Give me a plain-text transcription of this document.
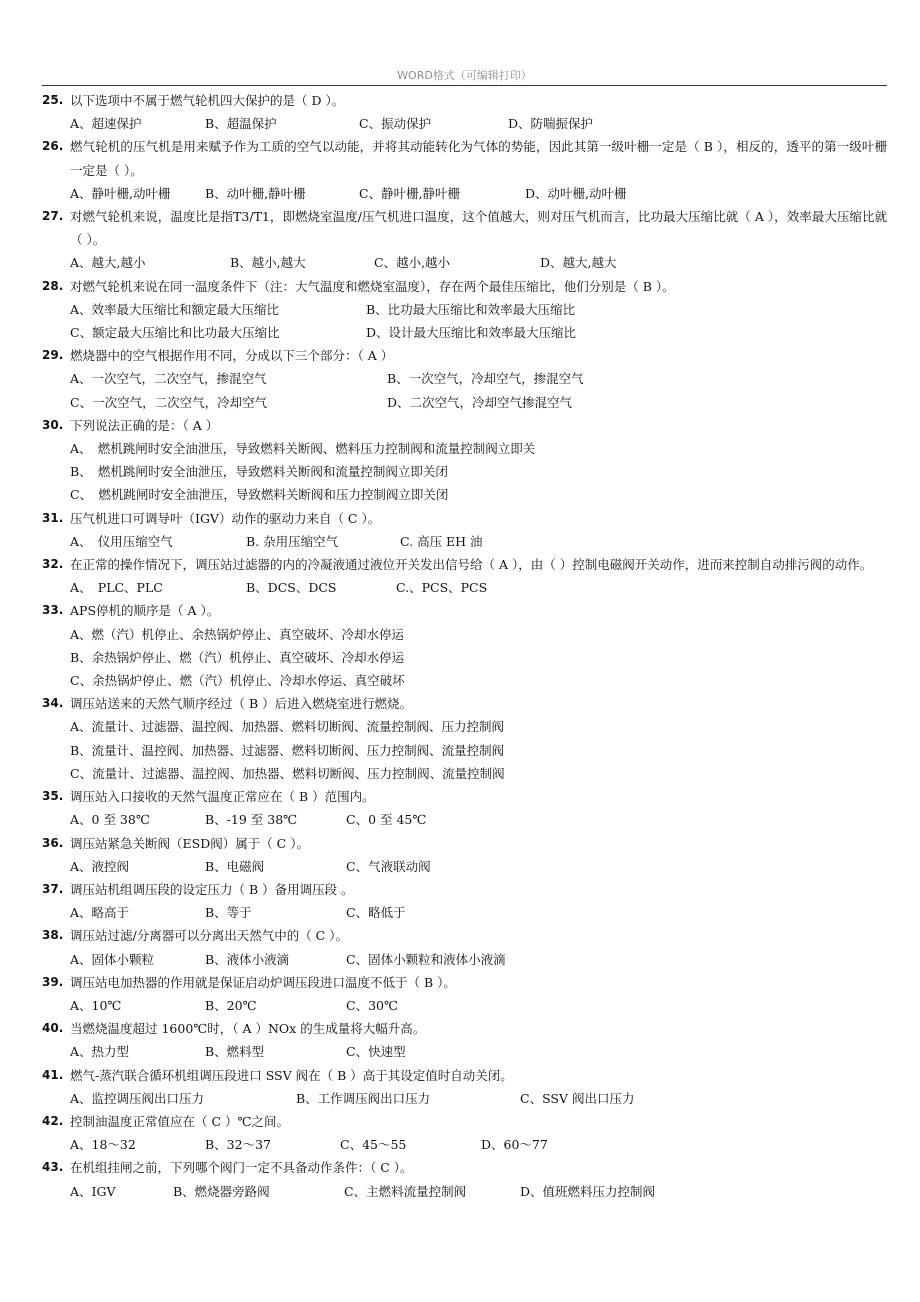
WORD格式（可编辑打印）
25. 以下选项中不属于燃气轮机四大保护的是（ D ）。
A、超速保护	B、超温保护	C、振动保护	D、防喘振保护
26. 燃气轮机的压气机是用来赋予作为工质的空气以动能，并将其动能转化为气体的势能，因此其第一级叶栅一定是（ B ），相反的，透平的第一级叶栅一定是（ ）。
A、静叶栅,动叶栅	B、动叶栅,静叶栅	C、静叶栅,静叶栅	D、动叶栅,动叶栅
27. 对燃气轮机来说，温度比是指T3/T1，即燃烧室温度/压气机进口温度，这个值越大，则对压气机而言，比功最大压缩比就（ A ），效率最大压缩比就（ ）。
A、越大,越小	B、越小,越大	C、越小,越小	D、越大,越大
28. 对燃气轮机来说在同一温度条件下（注：大气温度和燃烧室温度），存在两个最佳压缩比，他们分别是（ B ）。
A、效率最大压缩比和额定最大压缩比	B、比功最大压缩比和效率最大压缩比
C、额定最大压缩比和比功最大压缩比	D、设计最大压缩比和效率最大压缩比
29. 燃烧器中的空气根据作用不同，分成以下三个部分：（ A ）
A、一次空气，二次空气，掺混空气	B、一次空气，冷却空气，掺混空气
C、一次空气，二次空气，冷却空气	D、二次空气，冷却空气掺混空气
30. 下列说法正确的是：（ A ）
A、　燃机跳闸时安全油泄压，导致燃料关断阀、燃料压力控制阀和流量控制阀立即关
B、　燃机跳闸时安全油泄压，导致燃料关断阀和流量控制阀立即关闭
C、　燃机跳闸时安全油泄压，导致燃料关断阀和压力控制阀立即关闭
31. 压气机进口可调导叶（IGV）动作的驱动力来自（ C ）。
A、　仪用压缩空气	B. 杂用压缩空气	C. 高压 EH 油
32. 在正常的操作情况下，调压站过滤器的内的冷凝液通过液位开关发出信号给（ A ），由（ ）控制电磁阀开关动作，进而来控制自动排污阀的动作。
A、　PLC、PLC	B、DCS、DCS	C.、PCS、PCS
33. APS停机的顺序是（ A ）。
A、燃（汽）机停止、余热锅炉停止、真空破坏、冷却水停运
B、余热锅炉停止、燃（汽）机停止、真空破坏、冷却水停运
C、余热锅炉停止、燃（汽）机停止、冷却水停运、真空破坏
34. 调压站送来的天然气顺序经过（ B ）后进入燃烧室进行燃烧。
A、流量计、过滤器、温控阀、加热器、燃料切断阀、流量控制阀、压力控制阀
B、流量计、温控阀、加热器、过滤器、燃料切断阀、压力控制阀、流量控制阀
C、流量计、过滤器、温控阀、加热器、燃料切断阀、压力控制阀、流量控制阀
35. 调压站入口接收的天然气温度正常应在（ B ）范围内。
A、0 至 38℃	B、-19 至 38℃	C、0 至 45℃
36. 调压站紧急关断阀（ESD阀）属于（ C ）。
A、液控阀	B、电磁阀	C、气液联动阀
37. 调压站机组调压段的设定压力（ B ）备用调压段 。
A、略高于	B、等于	C、略低于
38. 调压站过滤/分离器可以分离出天然气中的（ C ）。
A、固体小颗粒	B、液体小液滴	C、固体小颗粒和液体小液滴
39. 调压站电加热器的作用就是保证启动炉调压段进口温度不低于（ B ）。
A、10℃	B、20℃	C、30℃
40. 当燃烧温度超过 1600℃时，（ A ）NOx 的生成量将大幅升高。
A、热力型	B、燃料型	C、快速型
41. 燃气-蒸汽联合循环机组调压段进口 SSV 阀在（ B ）高于其设定值时自动关闭。
A、监控调压阀出口压力	B、工作调压阀出口压力	C、SSV 阀出口压力
42. 控制油温度正常值应在（ C ）℃之间。
A、18～32	B、32～37	C、45～55	D、60～77
43. 在机组挂闸之前，下列哪个阀门一定不具备动作条件：（ C ）。
A、IGV	B、燃烧器旁路阀	C、主燃料流量控制阀	D、值班燃料压力控制阀
